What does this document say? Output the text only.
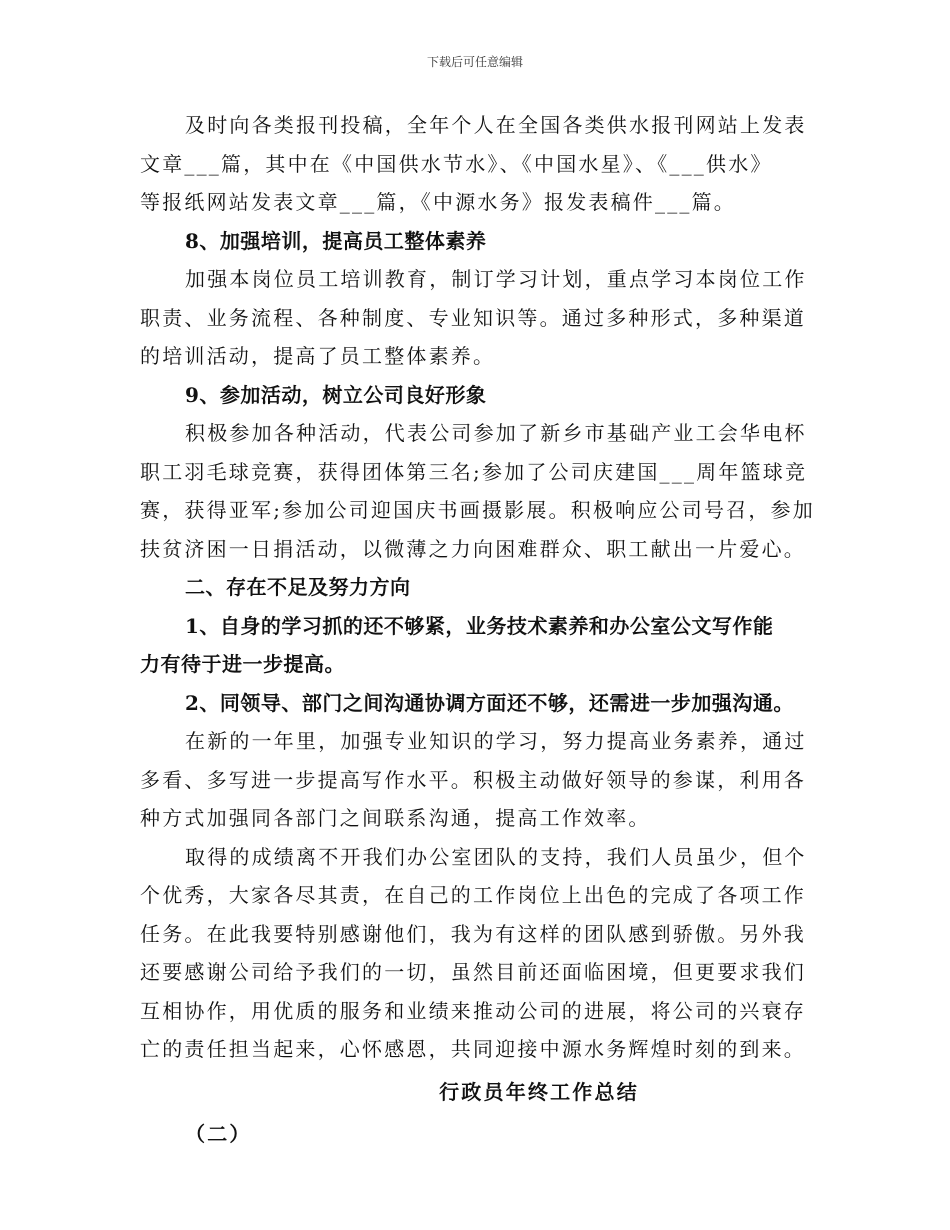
下载后可任意编辑
及时向各类报刊投稿，全年个人在全国各类供水报刊网站上发表
文章___篇，其中在《中国供水节水》、《中国水星》、《___供水》
等报纸网站发表文章___篇，《中源水务》报发表稿件___篇。
8、加强培训，提高员工整体素养
加强本岗位员工培训教育，制订学习计划，重点学习本岗位工作
职责、业务流程、各种制度、专业知识等。通过多种形式，多种渠道
的培训活动，提高了员工整体素养。
9、参加活动，树立公司良好形象
积极参加各种活动，代表公司参加了新乡市基础产业工会华电杯
职工羽毛球竞赛，获得团体第三名;参加了公司庆建国___周年篮球竞
赛，获得亚军;参加公司迎国庆书画摄影展。积极响应公司号召，参加
扶贫济困一日捐活动，以微薄之力向困难群众、职工献出一片爱心。
二、存在不足及努力方向
1、自身的学习抓的还不够紧，业务技术素养和办公室公文写作能
力有待于进一步提高。
2、同领导、部门之间沟通协调方面还不够，还需进一步加强沟通。
在新的一年里，加强专业知识的学习，努力提高业务素养，通过
多看、多写进一步提高写作水平。积极主动做好领导的参谋，利用各
种方式加强同各部门之间联系沟通，提高工作效率。
取得的成绩离不开我们办公室团队的支持，我们人员虽少，但个
个优秀，大家各尽其责，在自己的工作岗位上出色的完成了各项工作
任务。在此我要特别感谢他们，我为有这样的团队感到骄傲。另外我
还要感谢公司给予我们的一切，虽然目前还面临困境，但更要求我们
互相协作，用优质的服务和业绩来推动公司的进展，将公司的兴衰存
亡的责任担当起来，心怀感恩，共同迎接中源水务辉煌时刻的到来。
行政员年终工作总结
（二）
